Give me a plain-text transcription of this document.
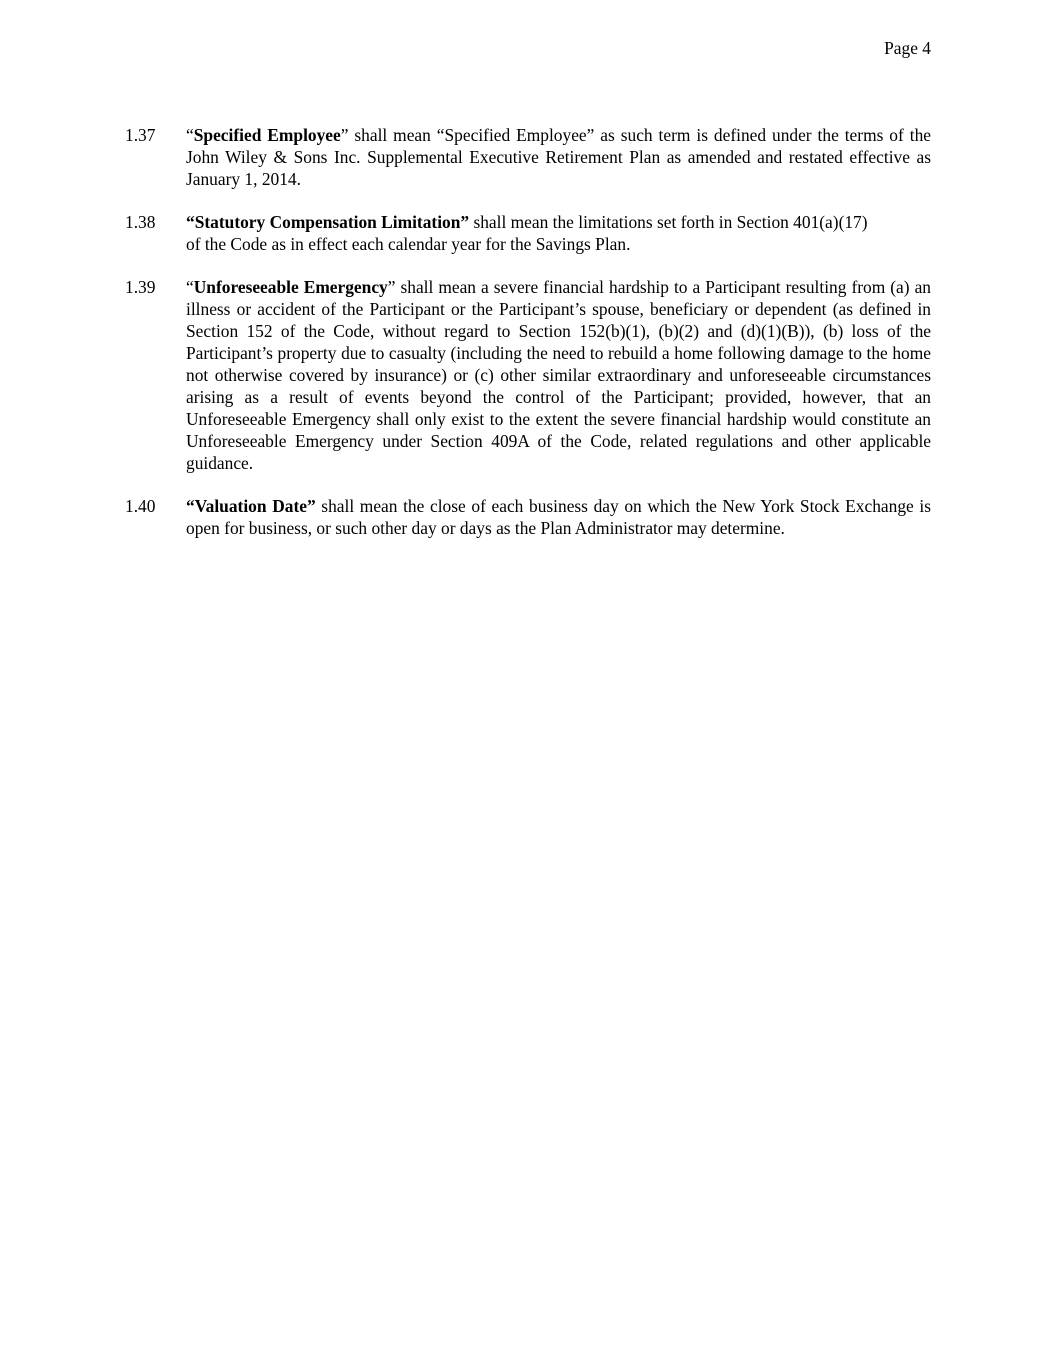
Page 4
1.37	“Specified Employee” shall mean “Specified Employee” as such term is defined under the terms of the John Wiley & Sons Inc. Supplemental Executive Retirement Plan as amended and restated effective as January 1, 2014.
1.38	“Statutory Compensation Limitation” shall mean the limitations set forth in Section 401(a)(17)
of the Code as in effect each calendar year for the Savings Plan.
1.39	“Unforeseeable Emergency” shall mean a severe financial hardship to a Participant resulting from (a) an illness or accident of the Participant or the Participant’s spouse, beneficiary or dependent (as defined in Section 152 of the Code, without regard to Section 152(b)(1), (b)(2) and (d)(1)(B)), (b) loss of the Participant’s property due to casualty (including the need to rebuild a home following damage to the home not otherwise covered by insurance) or (c) other similar extraordinary and unforeseeable circumstances arising as a result of events beyond the control of the Participant; provided, however, that an Unforeseeable Emergency shall only exist to the extent the severe financial hardship would constitute an Unforeseeable Emergency under Section 409A of the Code, related regulations and other applicable guidance.
1.40	“Valuation Date” shall mean the close of each business day on which the New York Stock Exchange is open for business, or such other day or days as the Plan Administrator may determine.
